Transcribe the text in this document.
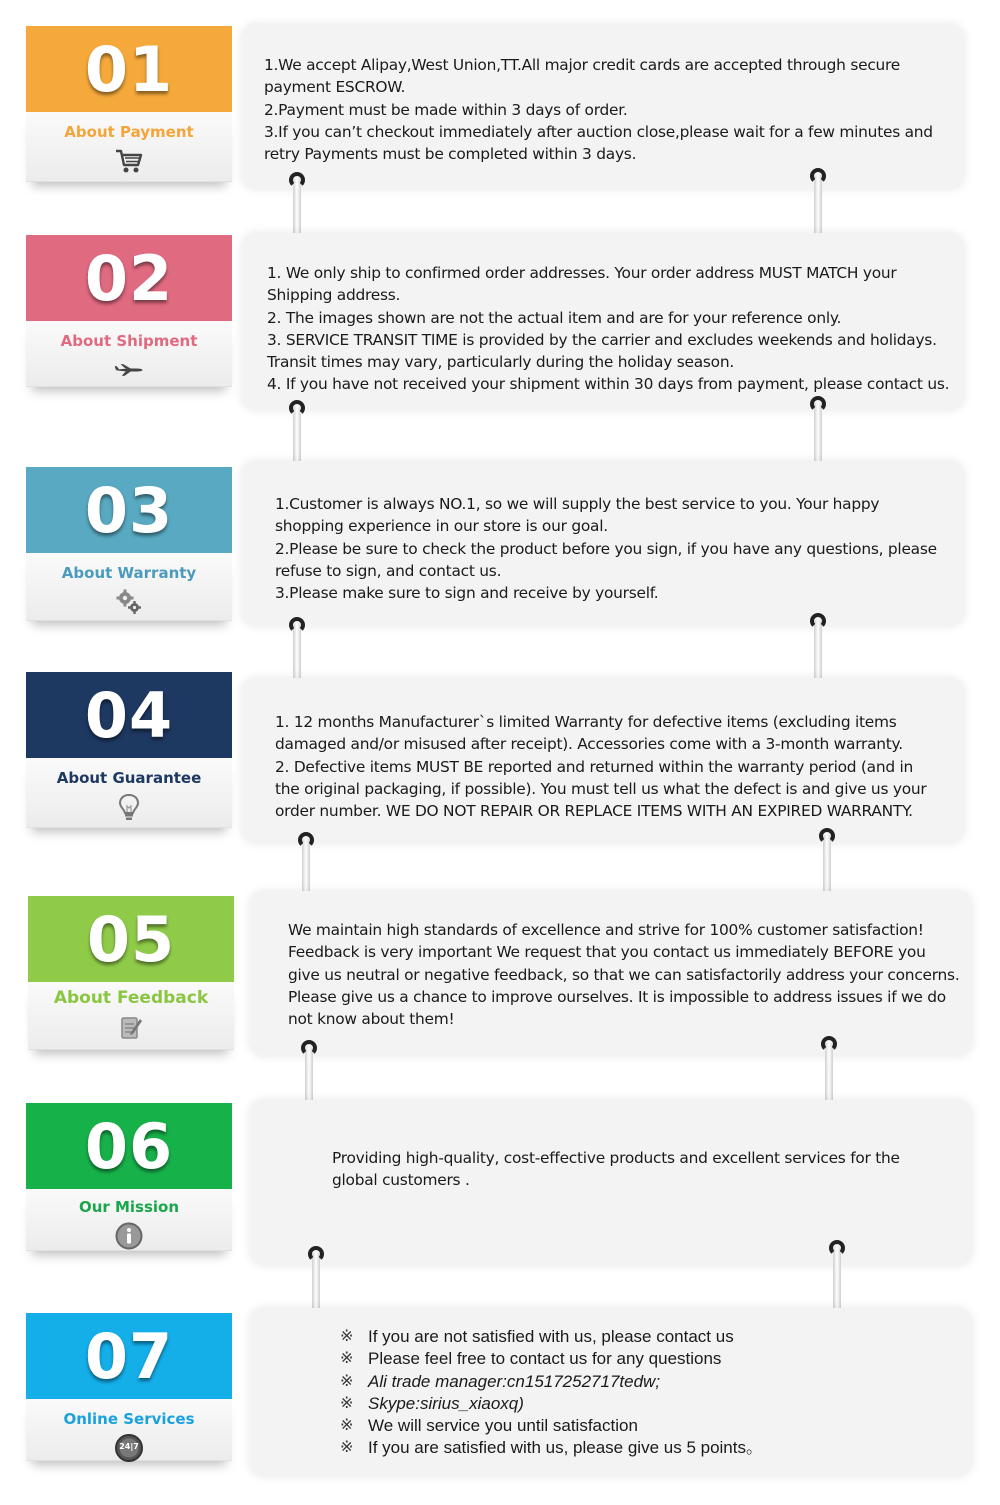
01
About Payment

1.We accept Alipay,West Union,TT.All major credit cards are accepted through secure

payment ESCROW.

2.Payment must be made within 3 days of order.

3.If you can’t checkout immediately after auction close,please wait for a few minutes and

retry Payments must be completed within 3 days.

02
About Shipment

1. We only ship to confirmed order addresses. Your order address MUST MATCH your

Shipping address.

2. The images shown are not the actual item and are for your reference only.

3. SERVICE TRANSIT TIME is provided by the carrier and excludes weekends and holidays.

Transit times may vary, particularly during the holiday season.

4. If you have not received your shipment within 30 days from payment, please contact us.

03
About Warranty

1.Customer is always NO.1, so we will supply the best service to you. Your happy

shopping experience in our store is our goal.

2.Please be sure to check the product before you sign, if you have any questions, please

refuse to sign, and contact us.

3.Please make sure to sign and receive by yourself.

04
About Guarantee

1. 12 months Manufacturer`s limited Warranty for defective items (excluding items

damaged and/or misused after receipt). Accessories come with a 3-month warranty.

2. Defective items MUST BE reported and returned within the warranty period (and in

the original packaging, if possible). You must tell us what the defect is and give us your

order number. WE DO NOT REPAIR OR REPLACE ITEMS WITH AN EXPIRED WARRANTY.

05
About Feedback

We maintain high standards of excellence and strive for 100% customer satisfaction!

Feedback is very important We request that you contact us immediately BEFORE you

give us neutral or negative feedback, so that we can satisfactorily address your concerns.

Please give us a chance to improve ourselves. It is impossible to address issues if we do

not know about them!

06
Our Mission

Providing high-quality, cost-effective products and excellent services for the

global customers .

07
Online Services
24|7
※ If you are not satisfied with us, please contact us
※ Please feel free to contact us for any questions
※ Ali trade manager:cn1517252717tedw;
※ Skype:sirius_xiaoxq)
※ We will service you until satisfaction
※ If you are satisfied with us, please give us 5 points。
